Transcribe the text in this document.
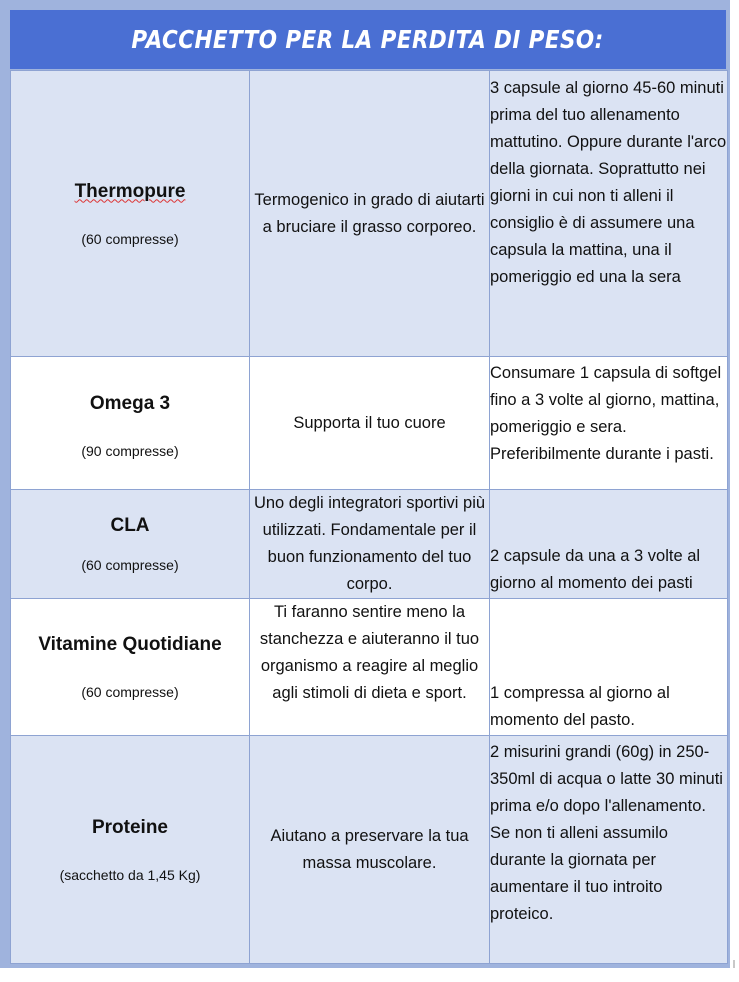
PACCHETTO PER LA PERDITA DI PESO:
Thermopure
(60 compresse)	Termogenico in grado di aiutarti a bruciare il grasso corporeo.	3 capsule al giorno 45-60 minuti prima del tuo allenamento mattutino. Oppure durante l'arco della giornata. Soprattutto nei giorni in cui non ti alleni il consiglio è di assumere una capsula la mattina, una il pomeriggio ed una la sera

Omega 3
(90 compresse)	Supporta il tuo cuore	Consumare 1 capsula di softgel fino a 3 volte al giorno, mattina, pomeriggio e sera. Preferibilmente durante i pasti.

CLA
(60 compresse)	Uno degli integratori sportivi più utilizzati. Fondamentale per il buon funzionamento del tuo corpo.	2 capsule da una a 3 volte al giorno al momento dei pasti

Vitamine Quotidiane
(60 compresse)	Ti faranno sentire meno la stanchezza e aiuteranno il tuo organismo a reagire al meglio agli stimoli di dieta e sport.	1 compressa al giorno al momento del pasto.

Proteine
(sacchetto da 1,45 Kg)	Aiutano a preservare la tua massa muscolare.	2 misurini grandi (60g) in 250-350ml di acqua o latte 30 minuti prima e/o dopo l'allenamento. Se non ti alleni assumilo durante la giornata per aumentare il tuo introito proteico.
